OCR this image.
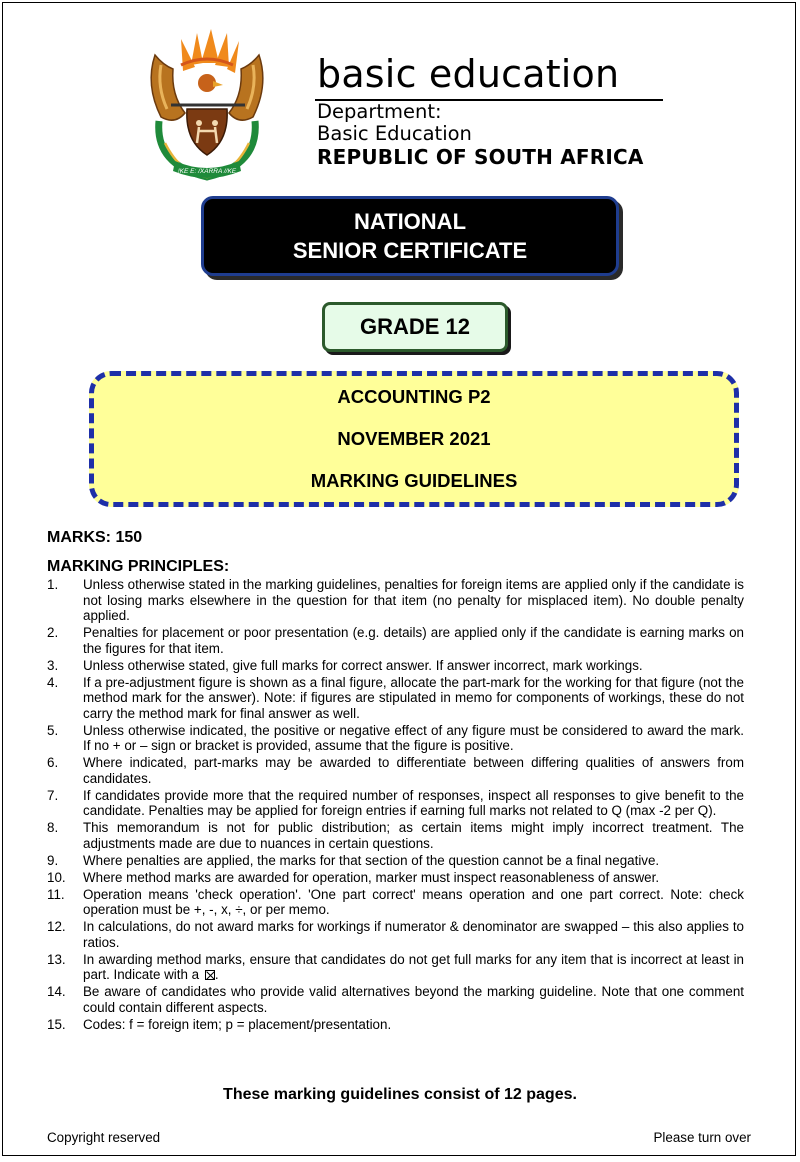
!KE E: /XARRA //KE
basic education
Department:
Basic Education
REPUBLIC OF SOUTH AFRICA
NATIONAL
SENIOR CERTIFICATE
GRADE 12
ACCOUNTING P2
NOVEMBER 2021
MARKING GUIDELINES
MARKS: 150
MARKING PRINCIPLES:
1.	Unless otherwise stated in the marking guidelines, penalties for foreign items are applied only if the candidate is not losing marks elsewhere in the question for that item (no penalty for misplaced item). No double penalty applied.
2.	Penalties for placement or poor presentation (e.g. details) are applied only if the candidate is earning marks on the figures for that item.
3.	Unless otherwise stated, give full marks for correct answer. If answer incorrect, mark workings.
4.	If a pre-adjustment figure is shown as a final figure, allocate the part-mark for the working for that figure (not the method mark for the answer). Note: if figures are stipulated in memo for components of workings, these do not carry the method mark for final answer as well.
5.	Unless otherwise indicated, the positive or negative effect of any figure must be considered to award the mark. If no + or – sign or bracket is provided, assume that the figure is positive.
6.	Where indicated, part-marks may be awarded to differentiate between differing qualities of answers from candidates.
7.	If candidates provide more that the required number of responses, inspect all responses to give benefit to the candidate. Penalties may be applied for foreign entries if earning full marks not related to Q (max -2 per Q).
8.	This memorandum is not for public distribution; as certain items might imply incorrect treatment. The adjustments made are due to nuances in certain questions.
9.	Where penalties are applied, the marks for that section of the question cannot be a final negative.
10.	Where method marks are awarded for operation, marker must inspect reasonableness of answer.
11.	Operation means 'check operation'. 'One part correct' means operation and one part correct. Note: check operation must be +, -, x, ÷, or per memo.
12.	In calculations, do not award marks for workings if numerator & denominator are swapped – this also applies to ratios.
13.	In awarding method marks, ensure that candidates do not get full marks for any item that is incorrect at least in part. Indicate with a ☒.
14.	Be aware of candidates who provide valid alternatives beyond the marking guideline. Note that one comment could contain different aspects.
15.	Codes: f = foreign item; p = placement/presentation.
These marking guidelines consist of 12 pages.
Copyright reserved	Please turn over
